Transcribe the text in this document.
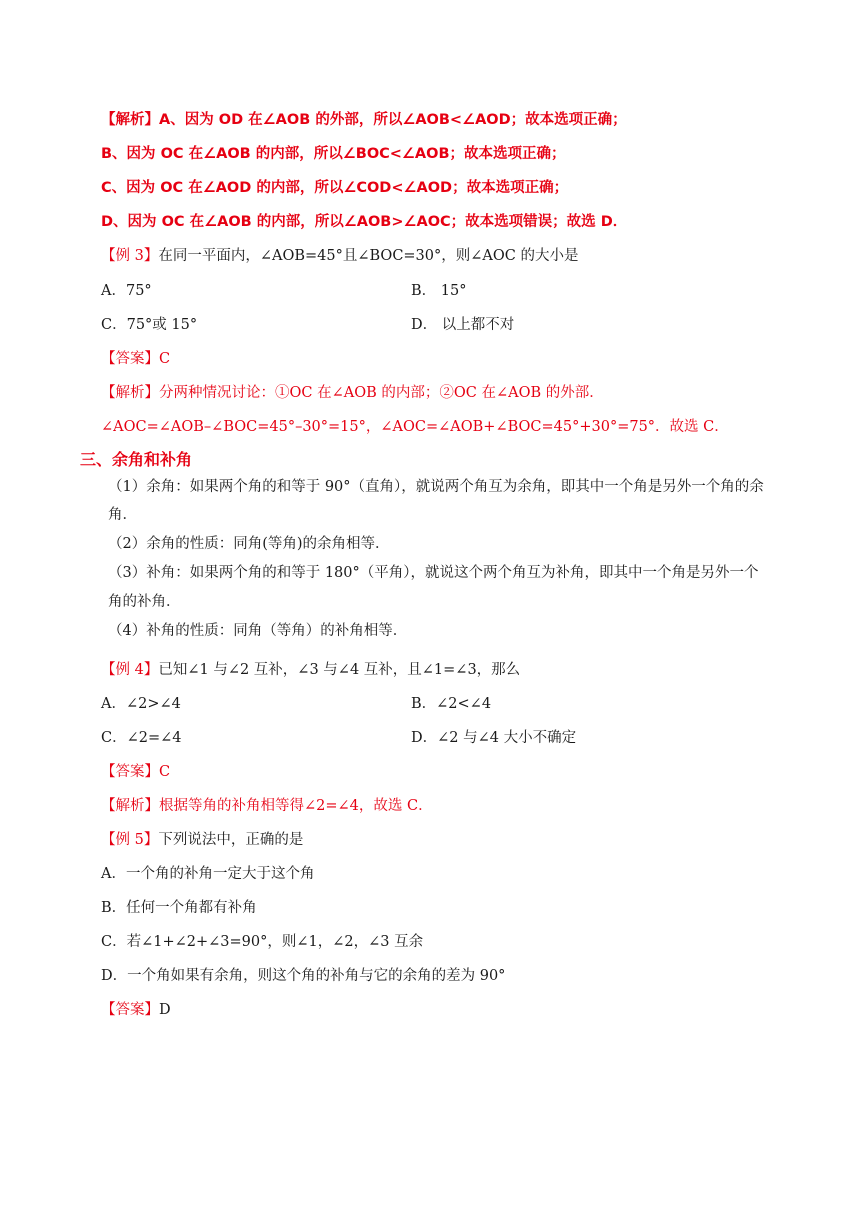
【解析】A、因为 OD 在∠AOB 的外部，所以∠AOB<∠AOD；故本选项正确；
B、因为 OC 在∠AOB 的内部，所以∠BOC<∠AOB；故本选项正确；
C、因为 OC 在∠AOD 的内部，所以∠COD<∠AOD；故本选项正确；
D、因为 OC 在∠AOB 的内部，所以∠AOB>∠AOC；故本选项错误；故选 D．
【例 3】在同一平面内，∠AOB=45°且∠BOC=30°，则∠AOC 的大小是
A．75°	B． 15°
C．75°或 15°	D． 以上都不对
【答案】C
【解析】分两种情况讨论：①OC 在∠AOB 的内部；②OC 在∠AOB 的外部．
∠AOC=∠AOB–∠BOC=45°–30°=15°，∠AOC=∠AOB+∠BOC=45°+30°=75°．故选 C．
三、余角和补角
（1）余角：如果两个角的和等于 90°（直角），就说两个角互为余角，即其中一个角是另外一个角的余
角．
（2）余角的性质：同角(等角)的余角相等．
（3）补角：如果两个角的和等于 180°（平角），就说这个两个角互为补角，即其中一个角是另外一个
角的补角．
（4）补角的性质：同角（等角）的补角相等．
【例 4】已知∠1 与∠2 互补，∠3 与∠4 互补，且∠1=∠3，那么
A．∠2>∠4	B．∠2<∠4
C．∠2=∠4	D．∠2 与∠4 大小不确定
【答案】C
【解析】根据等角的补角相等得∠2=∠4，故选 C．
【例 5】下列说法中，正确的是
A．一个角的补角一定大于这个角
B．任何一个角都有补角
C．若∠1+∠2+∠3=90°，则∠1，∠2，∠3 互余
D．一个角如果有余角，则这个角的补角与它的余角的差为 90°
【答案】D
